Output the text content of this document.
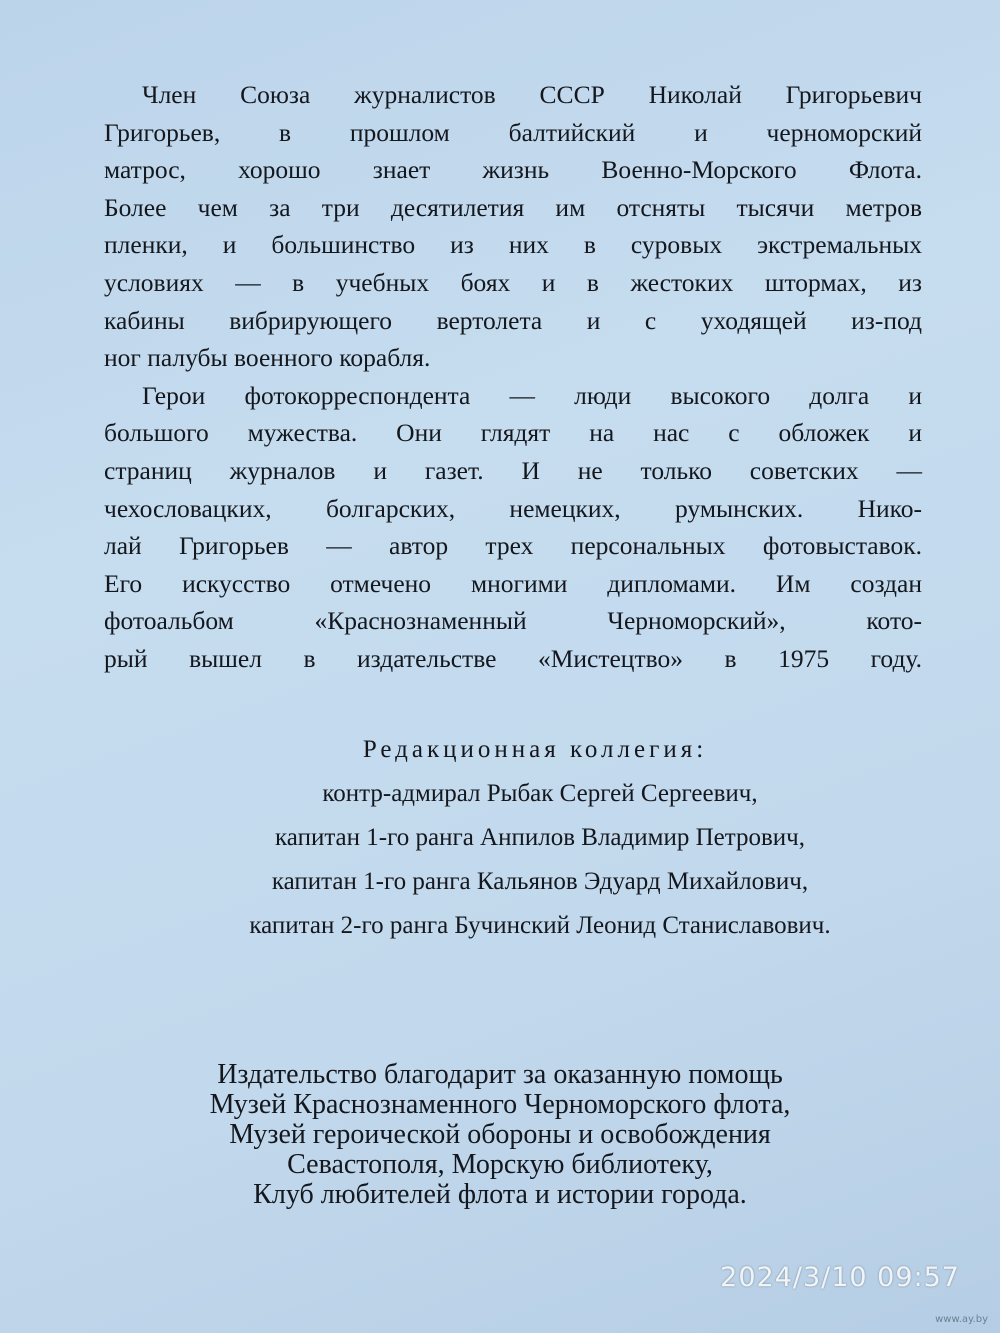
Член Союза журналистов СССР Николай Григорьевич
Григорьев, в прошлом балтийский и черноморский
матрос, хорошо знает жизнь Военно-Морского Флота.
Более чем за три десятилетия им отсняты тысячи метров
пленки, и большинство из них в суровых экстремальных
условиях — в учебных боях и в жестоких штормах, из
кабины вибрирующего вертолета и с уходящей из-под
ног палубы военного корабля.
Герои фотокорреспондента — люди высокого долга и
большого мужества. Они глядят на нас с обложек и
страниц журналов и газет. И не только советских —
чехословацких, болгарских, немецких, румынских. Нико-
лай Григорьев — автор трех персональных фотовыставок.
Его искусство отмечено многими дипломами. Им создан
фотоальбом «Краснознаменный Черноморский», кото-
рый вышел в издательстве «Мистецтво» в 1975 году.
Редакционная коллегия:
контр-адмирал Рыбак Сергей Сергеевич,
капитан 1-го ранга Анпилов Владимир Петрович,
капитан 1-го ранга Кальянов Эдуард Михайлович,
капитан 2-го ранга Бучинский Леонид Станиславович.
Издательство благодарит за оказанную помощь
Музей Краснознаменного Черноморского флота,
Музей героической обороны и освобождения
Севастополя, Морскую библиотеку,
Клуб любителей флота и истории города.
2024/3/10 09:57
www.ay.by
